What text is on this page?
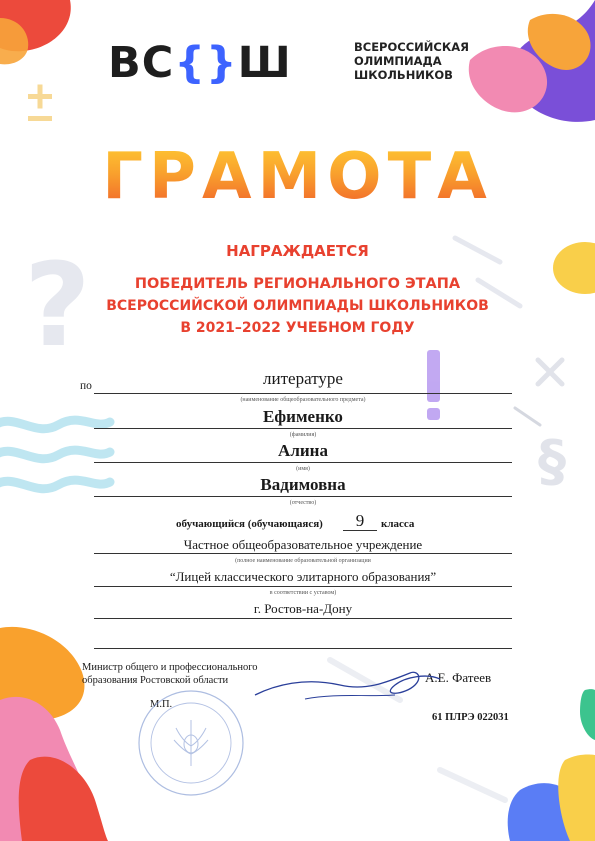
?
§
ВС{}Ш	ВСЕРОССИЙСКАЯ
ОЛИМПИАДА
ШКОЛЬНИКОВ
ГРАМОТА
НАГРАЖДАЕТСЯ
ПОБЕДИТЕЛЬ РЕГИОНАЛЬНОГО ЭТАПА
ВСЕРОССИЙСКОЙ ОЛИМПИАДЫ ШКОЛЬНИКОВ
В 2021–2022 УЧЕБНОМ ГОДУ
по	литературе
(наименование общеобразовательного предмета)
Ефименко
(фамилия)
Алина
(имя)
Вадимовна
(отчество)
обучающийся (обучающаяся)	9	класса
Частное общеобразовательное учреждение
(полное наименование образовательной организации
“Лицей классического элитарного образования”
в соответствии с уставом)
г. Ростов-на-Дону
Министр общего и профессионального
образования Ростовской области
М.П.
А.Е. Фатеев
61 ПЛРЭ 022031
